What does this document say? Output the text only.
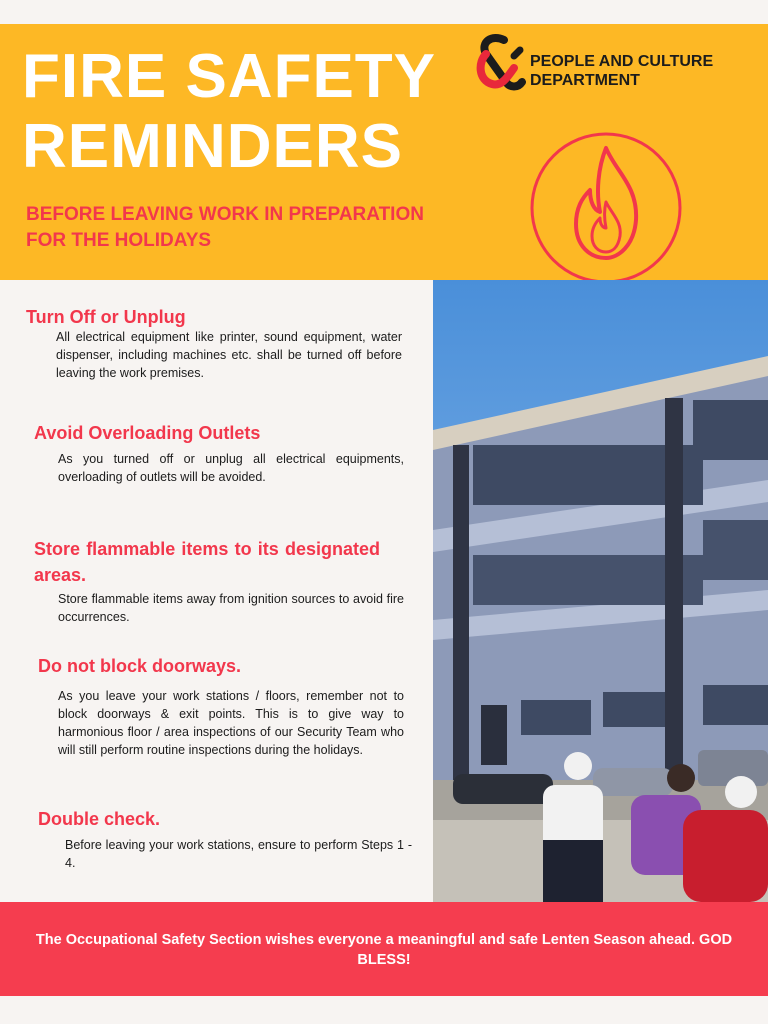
FIRE SAFETY REMINDERS
BEFORE LEAVING WORK IN PREPARATION FOR THE HOLIDAYS
PEOPLE AND CULTURE DEPARTMENT
Turn Off or Unplug

All electrical equipment like printer, sound equipment, water dispenser, including machines etc. shall be turned off before leaving the work premises.

Avoid Overloading Outlets

As you turned off or unplug all electrical equipments, overloading of outlets will be avoided.

Store flammable items to its designated areas.

Store flammable items away from ignition sources to avoid fire occurrences.

Do not block doorways.

As you leave your work stations / floors, remember not to block doorways & exit points. This is to give way to harmonious floor / area inspections of our Security Team who will still perform routine inspections during the holidays.

Double check.

Before leaving your work stations, ensure to perform Steps 1 - 4.

The Occupational Safety Section wishes everyone a meaningful and safe Lenten Season ahead. GOD BLESS!
